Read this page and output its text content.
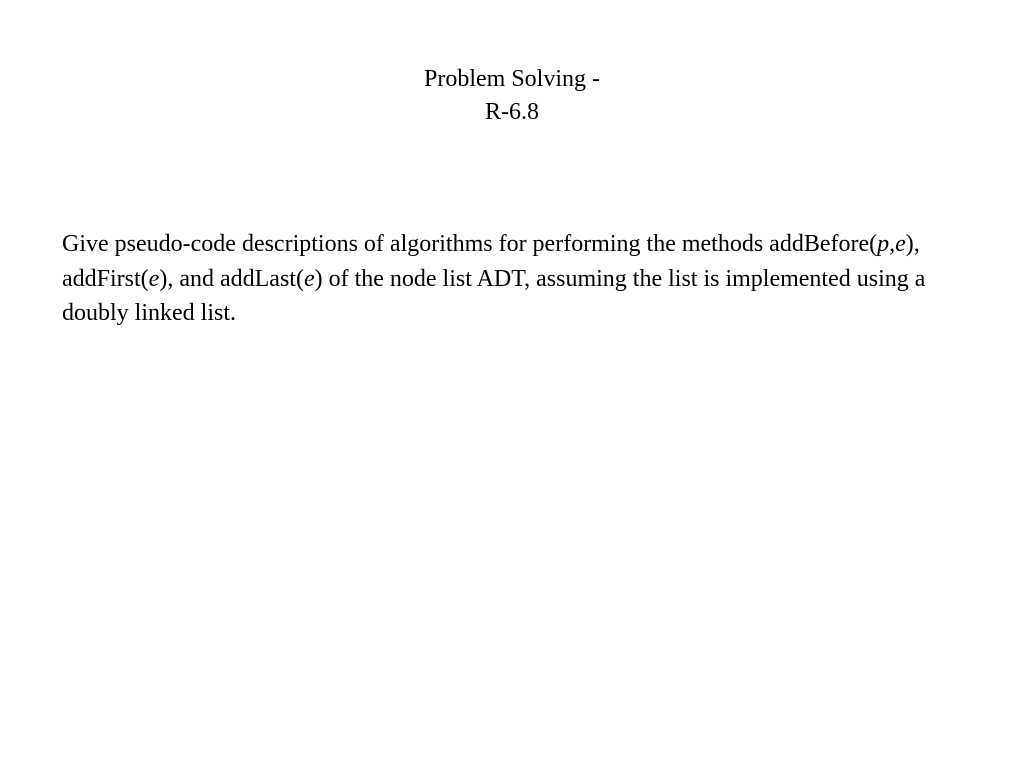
Problem Solving -
R-6.8
Give pseudo-code descriptions of algorithms for performing the methods addBefore(p,e), addFirst(e), and addLast(e) of the node list ADT, assuming the list is implemented using a doubly linked list.
